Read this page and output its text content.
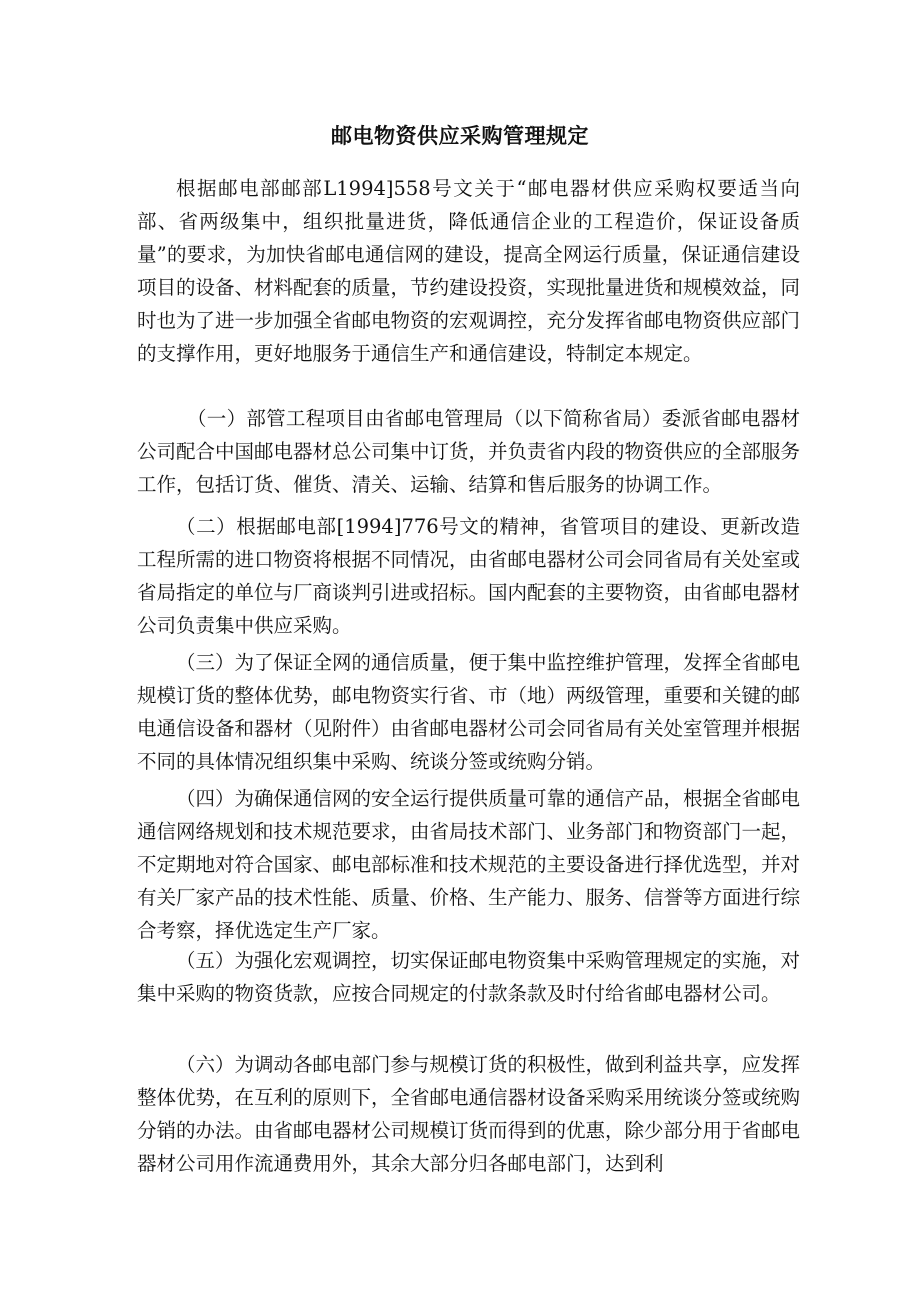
邮电物资供应采购管理规定

根据邮电部邮部L1994]558号文关于“邮电器材供应采购权要适当向部、省两级集中，组织批量进货，降低通信企业的工程造价，保证设备质量”的要求，为加快省邮电通信网的建设，提高全网运行质量，保证通信建设项目的设备、材料配套的质量，节约建设投资，实现批量进货和规模效益，同时也为了进一步加强全省邮电物资的宏观调控，充分发挥省邮电物资供应部门的支撑作用，更好地服务于通信生产和通信建设，特制定本规定。

（一）部管工程项目由省邮电管理局（以下简称省局）委派省邮电器材公司配合中国邮电器材总公司集中订货，并负责省内段的物资供应的全部服务工作，包括订货、催货、清关、运输、结算和售后服务的协调工作。

（二）根据邮电部[1994]776号文的精神，省管项目的建设、更新改造工程所需的进口物资将根据不同情况，由省邮电器材公司会同省局有关处室或省局指定的单位与厂商谈判引进或招标。国内配套的主要物资，由省邮电器材公司负责集中供应采购。

（三）为了保证全网的通信质量，便于集中监控维护管理，发挥全省邮电规模订货的整体优势，邮电物资实行省、市（地）两级管理，重要和关键的邮电通信设备和器材（见附件）由省邮电器材公司会同省局有关处室管理并根据不同的具体情况组织集中采购、统谈分签或统购分销。

（四）为确保通信网的安全运行提供质量可靠的通信产品，根据全省邮电通信网络规划和技术规范要求，由省局技术部门、业务部门和物资部门一起，不定期地对符合国家、邮电部标准和技术规范的主要设备进行择优选型，并对有关厂家产品的技术性能、质量、价格、生产能力、服务、信誉等方面进行综合考察，择优选定生产厂家。

（五）为强化宏观调控，切实保证邮电物资集中采购管理规定的实施，对集中采购的物资货款，应按合同规定的付款条款及时付给省邮电器材公司。

（六）为调动各邮电部门参与规模订货的积极性，做到利益共享，应发挥整体优势，在互利的原则下，全省邮电通信器材设备采购采用统谈分签或统购分销的办法。由省邮电器材公司规模订货而得到的优惠，除少部分用于省邮电器材公司用作流通费用外，其余大部分归各邮电部门，达到利
